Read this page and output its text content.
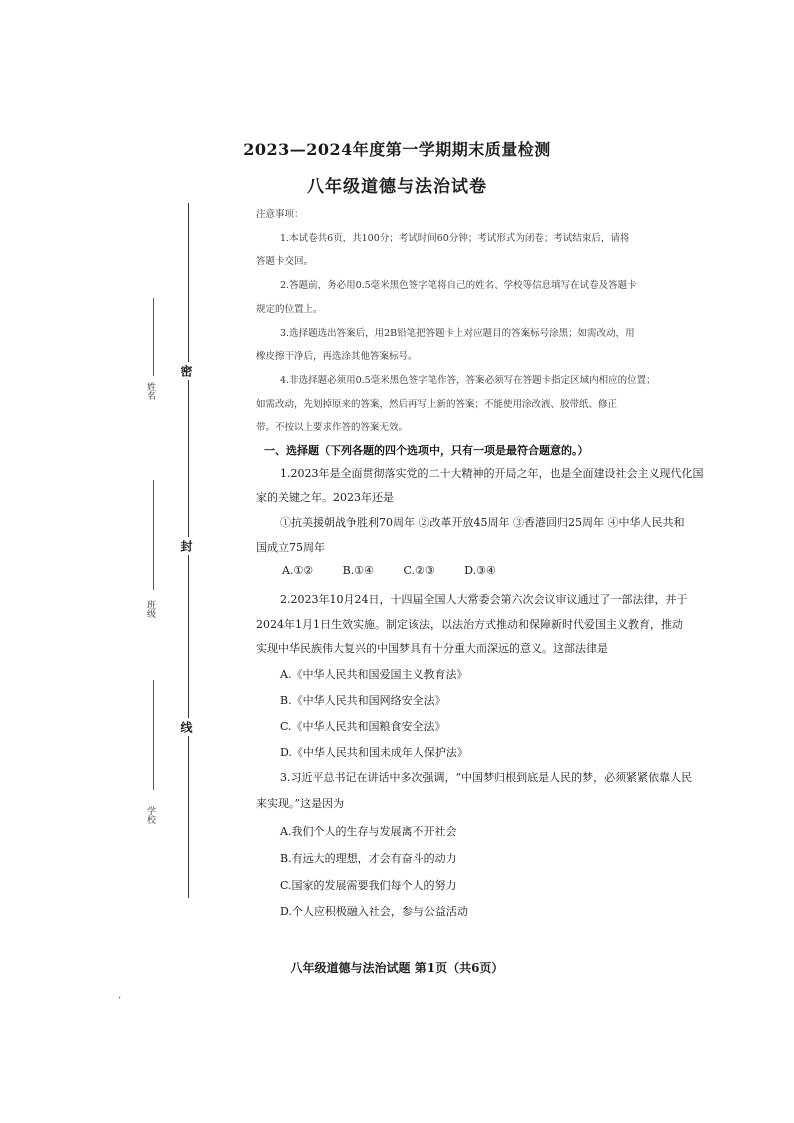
密
封
线
姓名
班级
学校
2023—2024年度第一学期期末质量检测
八年级道德与法治试卷
注意事项：
1.本试卷共6页，共100分；考试时间60分钟；考试形式为闭卷；考试结束后，请将
答题卡交回。
2.答题前，务必用0.5毫米黑色签字笔将自己的姓名、学校等信息填写在试卷及答题卡
规定的位置上。
3.选择题选出答案后，用2B铅笔把答题卡上对应题目的答案标号涂黑；如需改动，用
橡皮擦干净后，再选涂其他答案标号。
4.非选择题必须用0.5毫米黑色签字笔作答，答案必须写在答题卡指定区域内相应的位置；
如需改动，先划掉原来的答案，然后再写上新的答案；不能使用涂改液、胶带纸、修正
带。不按以上要求作答的答案无效。
一、选择题（下列各题的四个选项中，只有一项是最符合题意的。）
1.2023年是全面贯彻落实党的二十大精神的开局之年，也是全面建设社会主义现代化国
家的关键之年。2023年还是
①抗美援朝战争胜利70周年 ②改革开放45周年 ③香港回归25周年 ④中华人民共和
国成立75周年
A.①②	B.①④	C.②③	D.③④
2.2023年10月24日，十四届全国人大常委会第六次会议审议通过了一部法律，并于
2024年1月1日生效实施。制定该法，以法治方式推动和保障新时代爱国主义教育，推动
实现中华民族伟大复兴的中国梦具有十分重大而深远的意义。这部法律是
A.《中华人民共和国爱国主义教育法》
B.《中华人民共和国网络安全法》
C.《中华人民共和国粮食安全法》
D.《中华人民共和国未成年人保护法》
3.习近平总书记在讲话中多次强调，“中国梦归根到底是人民的梦，必须紧紧依靠人民
来实现。”这是因为
A.我们个人的生存与发展离不开社会
B.有远大的理想，才会有奋斗的动力
C.国家的发展需要我们每个人的努力
D.个人应积极融入社会，参与公益活动
八年级道德与法治试题 第1页（共6页）
ʻ
